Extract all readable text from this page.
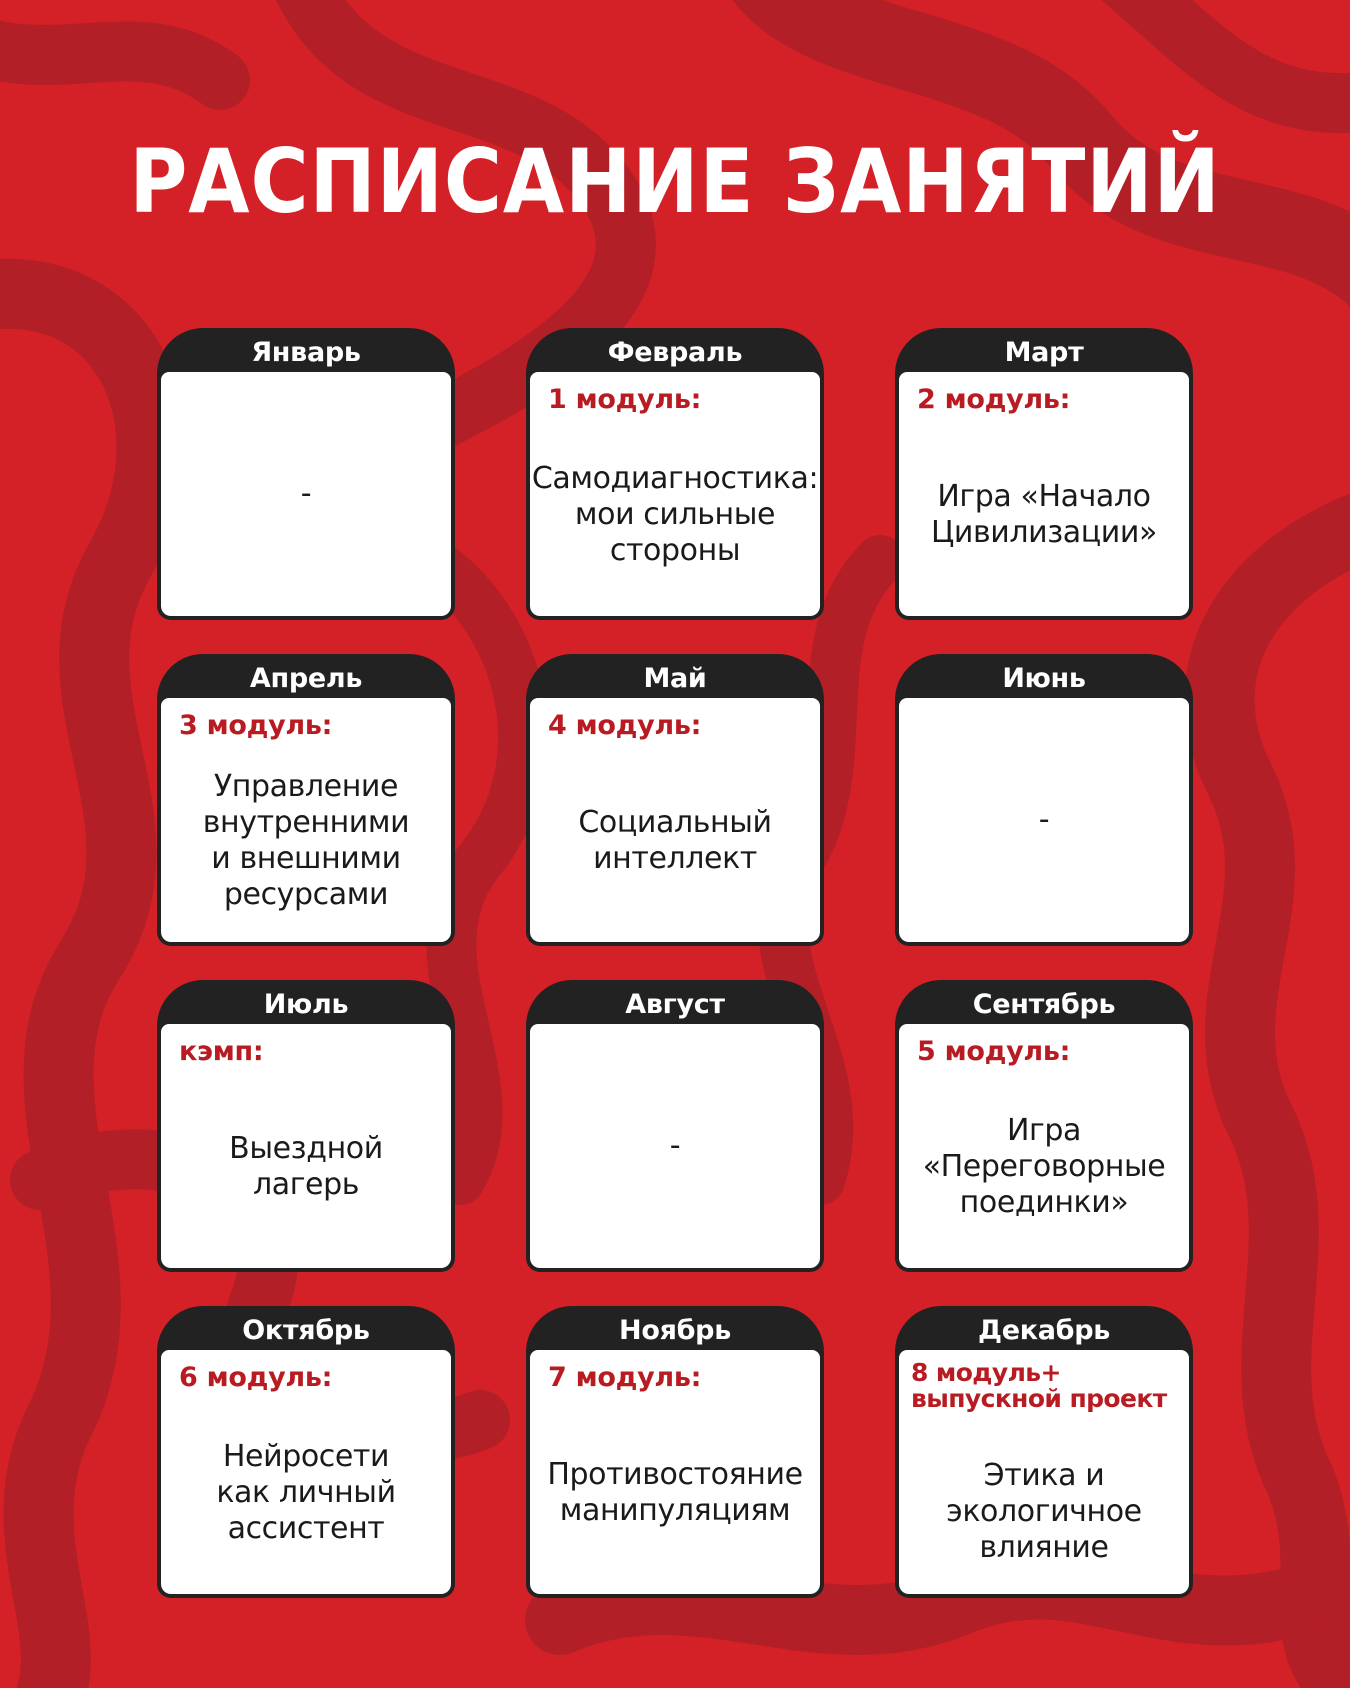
РАСПИСАНИЕ ЗАНЯТИЙ
Январь
-
Февраль
1 модуль:
Самодиагностика:
мои сильные
стороны
Март
2 модуль:
Игра «Начало
Цивилизации»
Апрель
3 модуль:
Управление
внутренними
и внешними
ресурсами
Май
4 модуль:
Социальный
интеллект
Июнь
-
Июль
кэмп:
Выездной
лагерь
Август
-
Сентябрь
5 модуль:
Игра
«Переговорные
поединки»
Октябрь
6 модуль:
Нейросети
как личный
ассистент
Ноябрь
7 модуль:
Противостояние
манипуляциям
Декабрь
8 модуль+
выпускной проект
Этика и
экологичное
влияние
